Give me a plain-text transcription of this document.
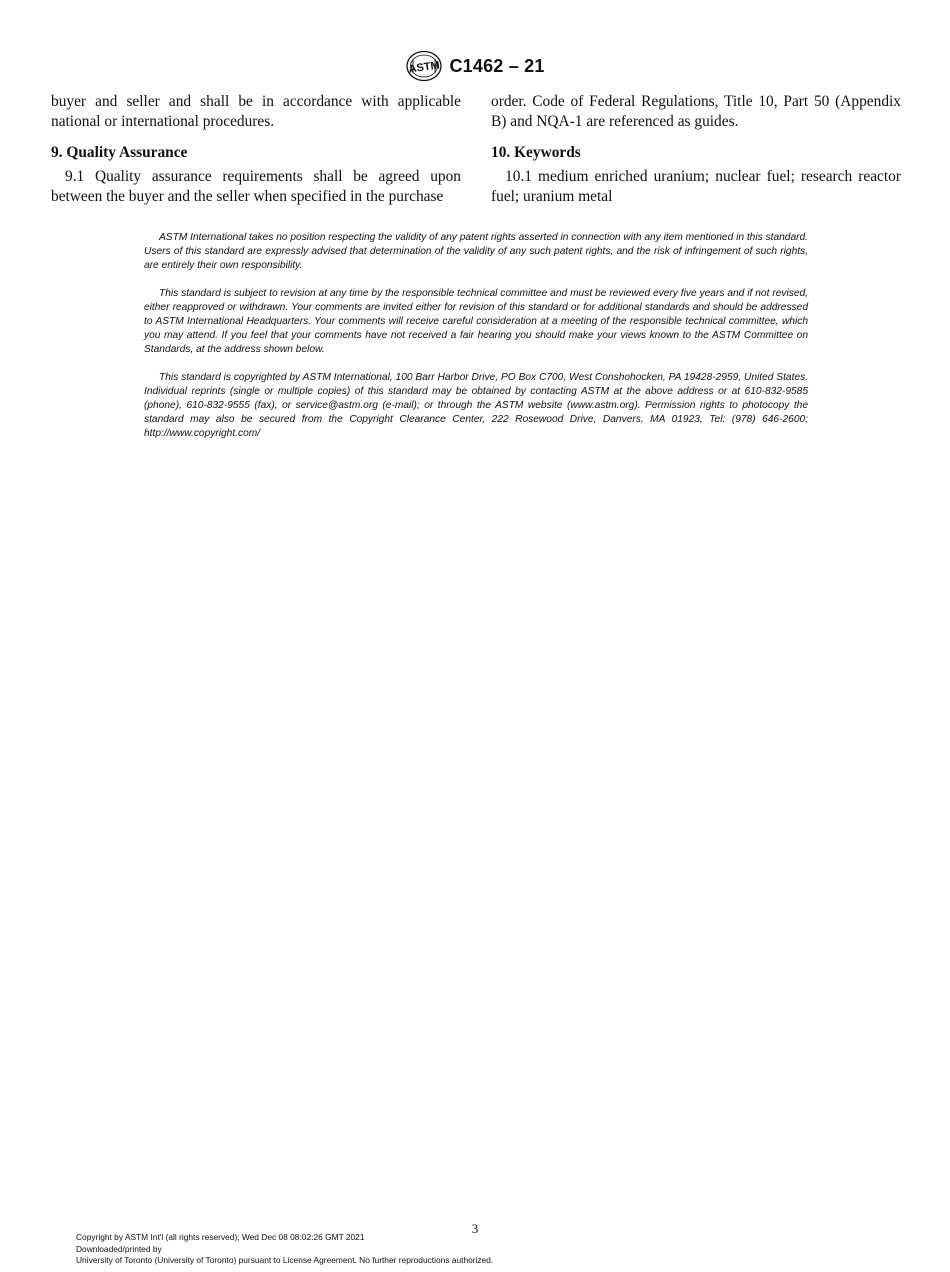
ASTM C1462 – 21

buyer and seller and shall be in accordance with applicable national or international procedures.

9. Quality Assurance

9.1 Quality assurance requirements shall be agreed upon between the buyer and the seller when specified in the purchase

order. Code of Federal Regulations, Title 10, Part 50 (Appendix B) and NQA-1 are referenced as guides.

10. Keywords

10.1 medium enriched uranium; nuclear fuel; research reactor fuel; uranium metal

ASTM International takes no position respecting the validity of any patent rights asserted in connection with any item mentioned in this standard. Users of this standard are expressly advised that determination of the validity of any such patent rights, and the risk of infringement of such rights, are entirely their own responsibility.

This standard is subject to revision at any time by the responsible technical committee and must be reviewed every five years and if not revised, either reapproved or withdrawn. Your comments are invited either for revision of this standard or for additional standards and should be addressed to ASTM International Headquarters. Your comments will receive careful consideration at a meeting of the responsible technical committee, which you may attend. If you feel that your comments have not received a fair hearing you should make your views known to the ASTM Committee on Standards, at the address shown below.

This standard is copyrighted by ASTM International, 100 Barr Harbor Drive, PO Box C700, West Conshohocken, PA 19428-2959, United States. Individual reprints (single or multiple copies) of this standard may be obtained by contacting ASTM at the above address or at 610-832-9585 (phone), 610-832-9555 (fax), or service@astm.org (e-mail); or through the ASTM website (www.astm.org). Permission rights to photocopy the standard may also be secured from the Copyright Clearance Center, 222 Rosewood Drive, Danvers, MA 01923, Tel: (978) 646-2600; http://www.copyright.com/

3
Copyright by ASTM Int'l (all rights reserved); Wed Dec 08 08:02:26 GMT 2021
Downloaded/printed by
University of Toronto (University of Toronto) pursuant to License Agreement. No further reproductions authorized.
